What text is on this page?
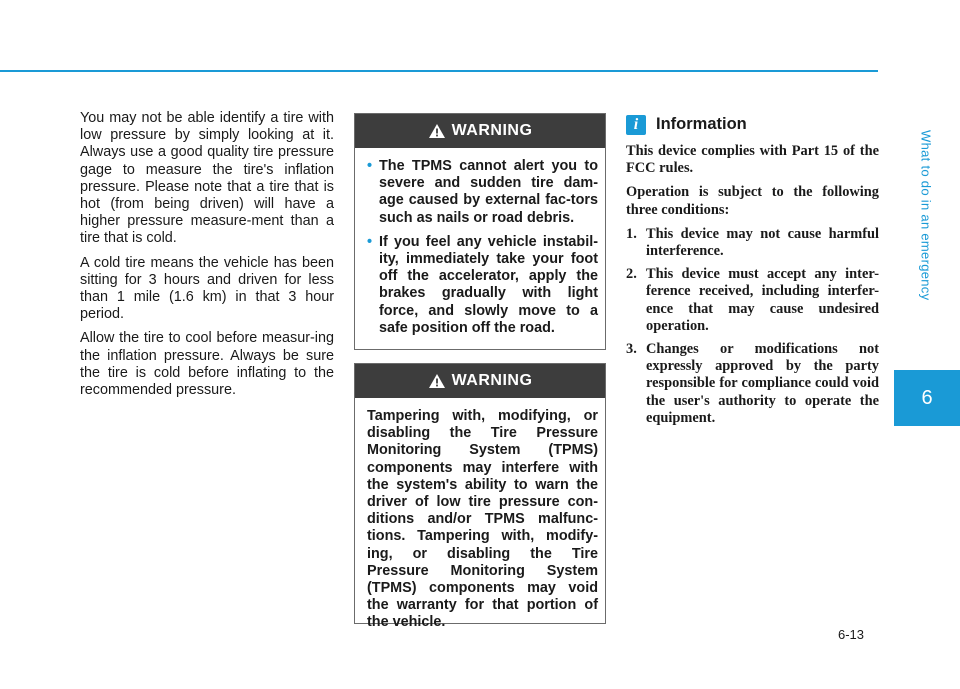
You may not be able identify a tire with low pressure by simply looking at it. Always use a good quality tire pressure gage to measure the tire's inflation pressure. Please note that a tire that is hot (from being driven) will have a higher pressure measure-ment than a tire that is cold.

A cold tire means the vehicle has been sitting for 3 hours and driven for less than 1 mile (1.6 km) in that 3 hour period.

Allow the tire to cool before measur-ing the inflation pressure. Always be sure the tire is cold before inflating to the recommended pressure.

WARNING
• The TPMS cannot alert you to severe and sudden tire dam-age caused by external fac-tors such as nails or road debris.
• If you feel any vehicle instabil-ity, immediately take your foot off the accelerator, apply the brakes gradually with light force, and slowly move to a safe position off the road.
WARNING

Tampering with, modifying, or disabling the Tire Pressure Monitoring System (TPMS) components may interfere with the system's ability to warn the driver of low tire pressure con-ditions and/or TPMS malfunc-tions. Tampering with, modify-ing, or disabling the Tire Pressure Monitoring System (TPMS) components may void the warranty for that portion of the vehicle.

i	Information

This device complies with Part 15 of the FCC rules.

Operation is subject to the following three conditions:

1. This device may not cause harmful interference.
2. This device must accept any inter-ference received, including interfer-ence that may cause undesired operation.
3. Changes or modifications not expressly approved by the party responsible for compliance could void the user's authority to operate the equipment.
What to do in an emergency
6
6-13
